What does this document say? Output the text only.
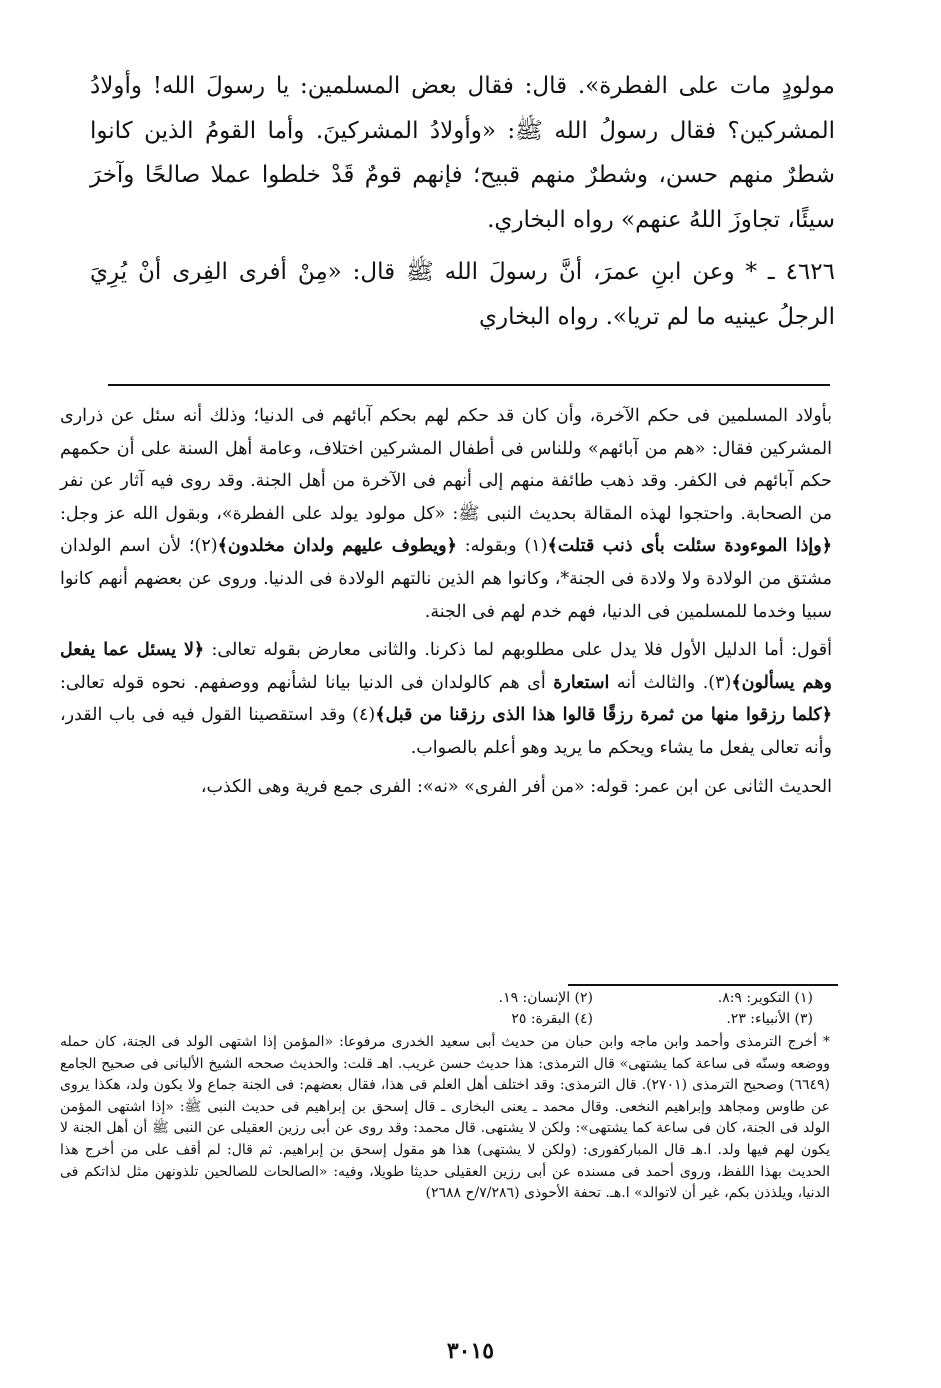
مولودٍ مات على الفطرة». قال: فقال بعض المسلمين: يا رسولَ الله! وأولادُ المشركين؟ فقال رسولُ الله ﷺ: «وأولادُ المشركينَ. وأما القومُ الذين كانوا شطرٌ منهم حسن، وشطرٌ منهم قبيح؛ فإنهم قومٌ قَدْ خلطوا عملا صالحًا وآخرَ سيئًا، تجاوزَ اللهُ عنهم» رواه البخاري.

٤٦٢٦ ـ * وعن ابنِ عمرَ، أنَّ رسولَ الله ﷺ قال: «مِنْ أفرى الفِرى أنْ يُرِيَ الرجلُ عينيه ما لم تريا». رواه البخاري

بأولاد المسلمين فى حكم الآخرة، وأن كان قد حكم لهم بحكم آبائهم فى الدنيا؛ وذلك أنه سئل عن ذرارى المشركين فقال: «هم من آبائهم» وللناس فى أطفال المشركين اختلاف، وعامة أهل السنة على أن حكمهم حكم آبائهم فى الكفر. وقد ذهب طائفة منهم إلى أنهم فى الآخرة من أهل الجنة. وقد روى فيه آثار عن نفر من الصحابة. واحتجوا لهذه المقالة بحديث النبى ﷺ: «كل مولود يولد على الفطرة»، وبقول الله عز وجل: ﴿وإذا الموءودة سئلت بأى ذنب قتلت﴾(١) وبقوله: ﴿ويطوف عليهم ولدان مخلدون﴾(٢)؛ لأن اسم الولدان مشتق من الولادة ولا ولادة فى الجنة*، وكانوا هم الذين نالتهم الولادة فى الدنيا. وروى عن بعضهم أنهم كانوا سبيا وخدما للمسلمين فى الدنيا، فهم خدم لهم فى الجنة.

أقول: أما الدليل الأول فلا يدل على مطلوبهم لما ذكرنا. والثانى معارض بقوله تعالى: ﴿لا يسئل عما يفعل وهم يسألون﴾(٣). والثالث أنه استعارة أى هم كالولدان فى الدنيا بيانا لشأنهم ووصفهم. نحوه قوله تعالى: ﴿كلما رزقوا منها من ثمرة رزقًا قالوا هذا الذى رزقنا من قبل﴾(٤) وقد استقصينا القول فيه فى باب القدر، وأنه تعالى يفعل ما يشاء ويحكم ما يريد وهو أعلم بالصواب.

الحديث الثانى عن ابن عمر: قوله: «من أفر الفرى» «نه»: الفرى جمع فرية وهى الكذب،

(١) التكوير: ٨:٩.
(٢) الإنسان: ١٩.
(٣) الأنبياء: ٢٣.
(٤) البقرة: ٢٥
* أخرج الترمذى وأحمد وابن ماجه وابن حبان من حديث أبى سعيد الخدرى مرفوعا: «المؤمن إذا اشتهى الولد فى الجنة، كان حمله ووضعه وسنّه فى ساعة كما يشتهى» قال الترمذى: هذا حديث حسن غريب. اهـ قلت: والحديث صححه الشيخ الألبانى فى صحيح الجامع (٦٦٤٩) وصحيح الترمذى (٢٧٠١). قال الترمذى: وقد اختلف أهل العلم فى هذا، فقال بعضهم: فى الجنة جماع ولا يكون ولد، هكذا يروى عن طاوس ومجاهد وإبراهيم النخعى. وقال محمد ـ يعنى البخارى ـ قال إسحق بن إبراهيم فى حديث النبى ﷺ: «إذا اشتهى المؤمن الولد فى الجنة، كان فى ساعة كما يشتهى»: ولكن لا يشتهى. قال محمد: وقد روى عن أبى رزين العقيلى عن النبى ﷺ أن أهل الجنة لا يكون لهم فيها ولد. ا.هـ قال المباركفورى: (ولكن لا يشتهى) هذا هو مقول إسحق بن إبراهيم. ثم قال: لم أقف على من أخرج هذا الحديث بهذا اللفظ، وروى أحمد فى مسنده عن أبى رزين العقيلى حديثا طويلا، وفيه: «الصالحات للصالحين تلذونهن مثل لذاتكم فى الدنيا، ويلذذن بكم، غير أن لاتوالد» ا.هـ. تحفة الأحوذى (٧/٢٨٦/ح ٢٦٨٨)
٣٠١٥
